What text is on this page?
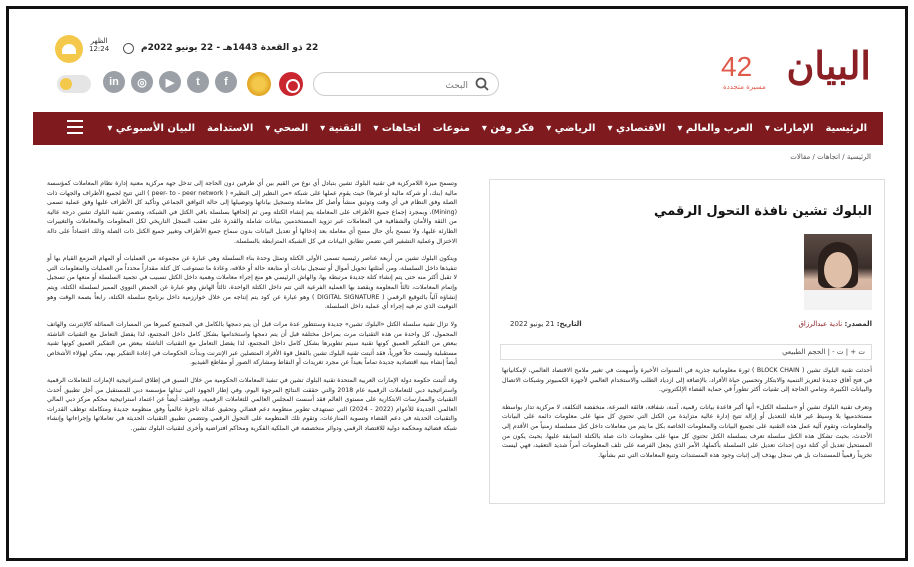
البيان
42
مسيرة متجددة
الظهر
12:24	22 ذو القعدة 1443هـ - 22 يونيو 2022م
البحث
in	◎	▶	t	f
الرئيسية
الإمارات ▾
العرب والعالم ▾
الاقتصادي ▾
الرياضي ▾
فكر وفن ▾
منوعات
اتجاهات ▾
التقنية ▾
الصحي ▾
الاستدامة
البيان الأسبوعي ▾
الرئيسية / اتجاهات / مقالات
البلوك تشين نافذة التحول الرقمي
المصدر: نادية عبدالرزاق
التاريخ: 21 يونيو 2022
ت + | ت - | الحجم الطبيعي

أحدثت تقنية البلوك تشين ( BLOCK CHAIN ) ثورة معلوماتية جذرية في السنوات الأخيرة وأسهمت في تغيير ملامح الاقتصاد العالمي، لإمكانياتها في فتح آفاق جديدة لتعزيز التنمية والابتكار وتحسين حياة الأفراد، بالإضافة إلى ازدياد الطلب والاستخدام العالمي لأجهزة الكمبيوتر وشبكات الاتصال والبيانات الكبيرة، وتنامي الحاجة إلى تقنيات أكثر تطوراً في حماية الفضاء الإلكتروني.

وتعرف تقنية البلوك تشين أو «سلسلة الكتل» أنها أكبر قاعدة بيانات رقمية، آمنة، شفافة، فائقة السرعة، منخفضة التكلفة، لا مركزية تدار بواسطة مستخدميها بلا وسيط غير قابلة للتعديل أو إزالة تتيح إدارة عالية متزايدة من الكتل التي تحتوي كل منها على معلومات دائمة على البيانات والمعلومات، وتقوم آلية عمل هذه التقنية على تجميع البيانات والمعلومات الخاصة بكل ما يتم من معاملات داخل كتل مسلسلة زمنياً من الأقدم إلى الأحدث، بحيث تشكل هذه الكتل سلسلة تعرف بسلسلة الكتل تحتوي كل منها على معلومات ذات صلة بالكتلة السابقة عليها، بحيث يكون من المستحيل تعديل أي كتلة دون إحداث تعديل على السلسلة بأكملها، الأمر الذي يجعل الفرصة على تلف المعلومات أمراً شديد التعقيد، فهي ليست تخزيناً رقمياً للمستندات بل هي سجل يهدف إلى إثبات وجود هذه المستندات وتتبع المعاملات التي تتم بشأنها.

وتسمح ميزة اللامركزية في تقنية البلوك تشين بتبادل أي نوع من القيم بين أي طرفين دون الحاجة إلى تدخل جهة مركزية معنية إدارة نظام المعاملات كمؤسسة مالية (بنك، أو شركة مالية أو غيرها) حيث يقوم عملها على شبكة «من النظير إلى النظير» ( peer- to - peer network ) التي تتيح لجميع الأطراف والجهات ذات الصلة وفق النظام في أي وقت وتوثيق منشأ وأصل كل معاملة وتسجيل بياناتها وتوصيلها إلى حالة التوافق الجماعي وتأكيد كل الأطراف عليها وفق عملية تسمى (Mining)، وبمجرد إجماع جميع الأطراف على المعاملة يتم إنشاء الكتلة ومن ثم إلحاقها بسلسلة باقي الكتل في الشبكة، وتضمن تقنية البلوك تشين درجة عالية من الثقة والأمان والشفافية في المعاملات عبر تزويد المستخدمين ببيانات شاملة والقدرة على تعقب السجل التاريخي لكل المعلومات والمعاملات والتغييرات الطارئة عليها، ولا تسمح بأي حال مسح أي معاملة بعد إدخالها أو تعديل البيانات بدون سماح جميع الأطراف وتغيير جميع الكتل ذات الصلة وذلك اعتماداً على دالة الاختزال وعملية التشفير التي تضمن تطابق البيانات في كل الشبكة المترابطة بالسلسلة.

ويتكون البلوك تشين من أربعة عناصر رئيسية تسمى الأولى الكتلة وتمثل وحدة بناء السلسلة وهي عبارة عن مجموعة من العمليات أو المهام المزمع القيام بها أو تنفيذها داخل السلسلة، ومن أمثلتها تحويل أموال أو تسجيل بيانات أو متابعة حالة أو خلافه، وعادة ما تستوعب كل كتلة مقداراً محدداً من العمليات والمعلومات التي لا تقبل أكثر منه حتى يتم إنشاء كتلة جديدة مرتبطة بها، والهاش الرئيسي هو منع إجراء معاملات وهمية داخل الكتل تسبيب في تجميد السلسلة أو منعها من تسجيل وإتمام المعاملات، ثالثاً المعلومة ويقصد بها العملية الفرعية التي تتم داخل الكتلة الواحدة، ثالثاً الهاش وهو عبارة عن الحمض النووي المميز لسلسلة الكتلة، ويتم إنشاؤه آلياً بالتوقيع الرقمي ( DIGITAL SIGNATURE ) وهو عبارة عن كود يتم إنتاجه من خلال خوارزمية داخل برنامج سلسلة الكتلة، رابعاً بصمة الوقت وهو التوقيت الذي تم فيه إجراء أي عملية داخل السلسلة.

ولا تزال تقنية سلسلة الكتل «البلوك تشين» جديدة وستتطور عدة مرات قبل أن يتم دمجها بالكامل في المجتمع كميرها من المسارات المماثلة كالإنترنت والهاتف المحمول، كل واحدة من هذه التقنيات مرت بمراحل مختلفة قبل أن يتم دمجها واستخدامها بشكل كامل داخل المجتمع، لذا يفضل التعامل مع التقنيات الناشئة ببعض من التفكير العميق كونها تقنية سيتم تطويرها بشكل كامل داخل المجتمع، لذا يفضل التعامل مع التقنيات الناشئة ببعض من التفكير العميق كونها تقنية مستقبلية وليست حلاً فورياً، فقد أثبتت تقنية البلوك تشين بالفعل قوة الأفراد المتصلين عبر الإنترنت وبدأت الحكومات في إعادة التفكير بهم، بمكن لهؤلاء الأشخاص أيضاً إنشاء بنية اقتصادية جديدة تماماً بعيداً عن مجرد تغريدات أو النقاط ومشاركة الصور أو مقاطع الفيديو.

وقد أثبتت حكومة دولة الإمارات العربية المتحدة تقنية البلوك تشين في تنفيذ المعاملات الحكومية من خلال السبق في إطلاق استراتيجية الإمارات للتعاملات الرقمية واستراتيجية دبي للتعاملات الرقمية عام 2018 والتي حققت النتائج المرجوة اليوم، وفي إطار الجهود التي تبذلها مؤسسة دبي للمستقبل من أجل تطبيق أحدث التقنيات والممارسات الابتكارية على مستوى العالم فقد أسست المجلس العالمي للتعاملات الرقمية، ووافقت أيضاً عن اعتماد استراتيجية محكم مركز دبي المالي العالمي الجديدة للأعوام (2022 - 2024) التي تستهدف تطوير منظومة دعم قضائي وتحقيق عدالة ناجزة عالمياً وفق منظومة جديدة ومتكاملة توظف القدرات والتقنيات الحديثة في دعم القضاء وتسوية المنازعات، وتقوم تلك المنظومة على التحول الرقمي وتتضمن تطبيق التقنيات الحديثة في تعاملاتها وإجراءاتها وإنشاء شبكة قضائية ومحكمة دولية للاقتصاد الرقمي ودوائر متخصصة في الملكية الفكرية ومحاكم افتراضية وأخرى لتقنيات البلوك تشين.
